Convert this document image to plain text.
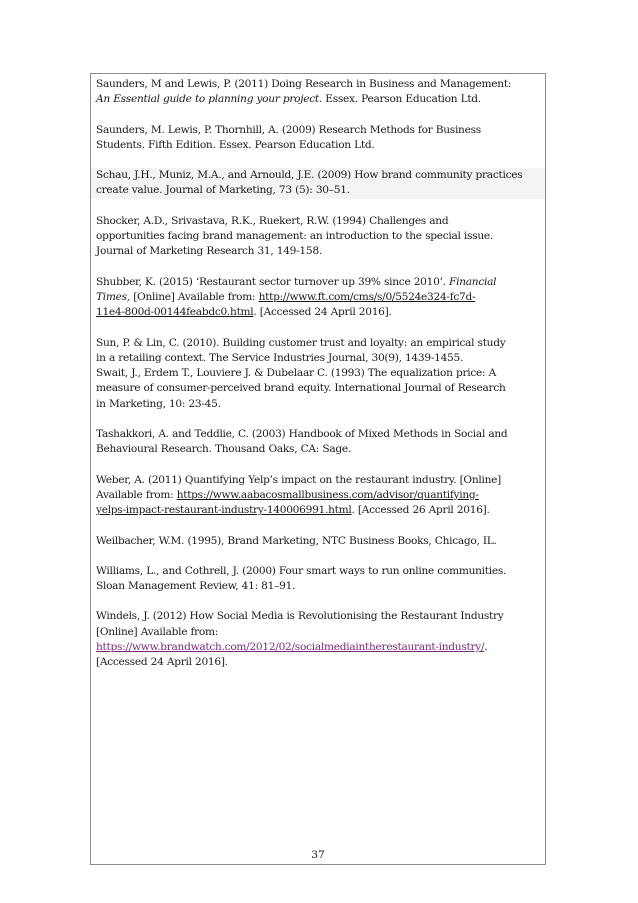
Saunders, M and Lewis, P. (2011) Doing Research in Business and Management:
An Essential guide to planning your project. Essex. Pearson Education Ltd.
Saunders, M. Lewis, P. Thornhill, A. (2009) Research Methods for Business
Students. Fifth Edition. Essex. Pearson Education Ltd.
Schau, J.H., Muniz, M.A., and Arnould, J.E. (2009) How brand community practices
create value. Journal of Marketing, 73 (5): 30–51.
Shocker, A.D., Srivastava, R.K., Ruekert, R.W. (1994) Challenges and
opportunities facing brand management: an introduction to the special issue.
Journal of Marketing Research 31, 149-158.
Shubber, K. (2015) ‘Restaurant sector turnover up 39% since 2010’. Financial
Times, [Online] Available from: http://www.ft.com/cms/s/0/5524e324-fc7d-
11e4-800d-00144feabdc0.html. [Accessed 24 April 2016].
Sun, P. & Lin, C. (2010). Building customer trust and loyalty: an empirical study
in a retailing context. The Service Industries Journal, 30(9), 1439-1455.
Swait, J., Erdem T., Louviere J. & Dubelaar C. (1993) The equalization price: A
measure of consumer-perceived brand equity. International Journal of Research
in Marketing, 10: 23-45.
Tashakkori, A. and Teddlie, C. (2003) Handbook of Mixed Methods in Social and
Behavioural Research. Thousand Oaks, CA: Sage.
Weber, A. (2011) Quantifying Yelp’s impact on the restaurant industry. [Online]
Available from: https://www.aabacosmallbusiness.com/advisor/quantifying-
yelps-impact-restaurant-industry-140006991.html. [Accessed 26 April 2016].
Weilbacher, W.M. (1995), Brand Marketing, NTC Business Books, Chicago, IL.
Williams, L., and Cothrell, J. (2000) Four smart ways to run online communities.
Sloan Management Review, 41: 81–91.
Windels, J. (2012) How Social Media is Revolutionising the Restaurant Industry
[Online] Available from:
https://www.brandwatch.com/2012/02/socialmediaintherestaurant-industry/.
[Accessed 24 April 2016].
37
